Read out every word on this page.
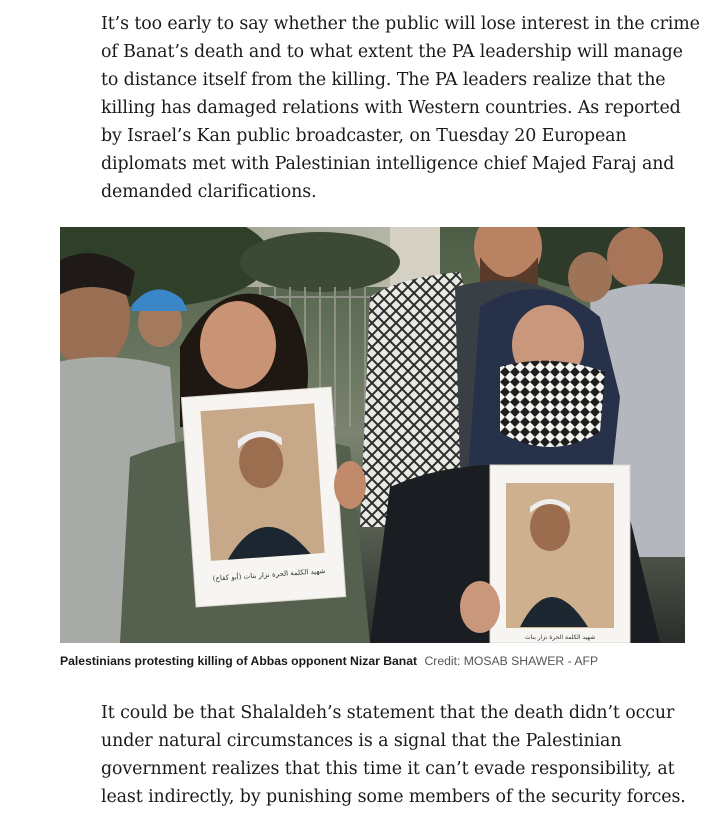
It’s too early to say whether the public will lose interest in the crime
of Banat’s death and to what extent the PA leadership will manage
to distance itself from the killing. The PA leaders realize that the
killing has damaged relations with Western countries. As reported
by Israel’s Kan public broadcaster, on Tuesday 20 European
diplomats met with Palestinian intelligence chief Majed Faraj and
demanded clarifications.
شهيد الكلمة الحرة نزار بنات (أبو كفاح)
شهيد الكلمة الحرة نزار بنات
Palestinians protesting killing of Abbas opponent Nizar Banat Credit: MOSAB SHAWER - AFP
It could be that Shalaldeh’s statement that the death didn’t occur
under natural circumstances is a signal that the Palestinian
government realizes that this time it can’t evade responsibility, at
least indirectly, by punishing some members of the security forces.
